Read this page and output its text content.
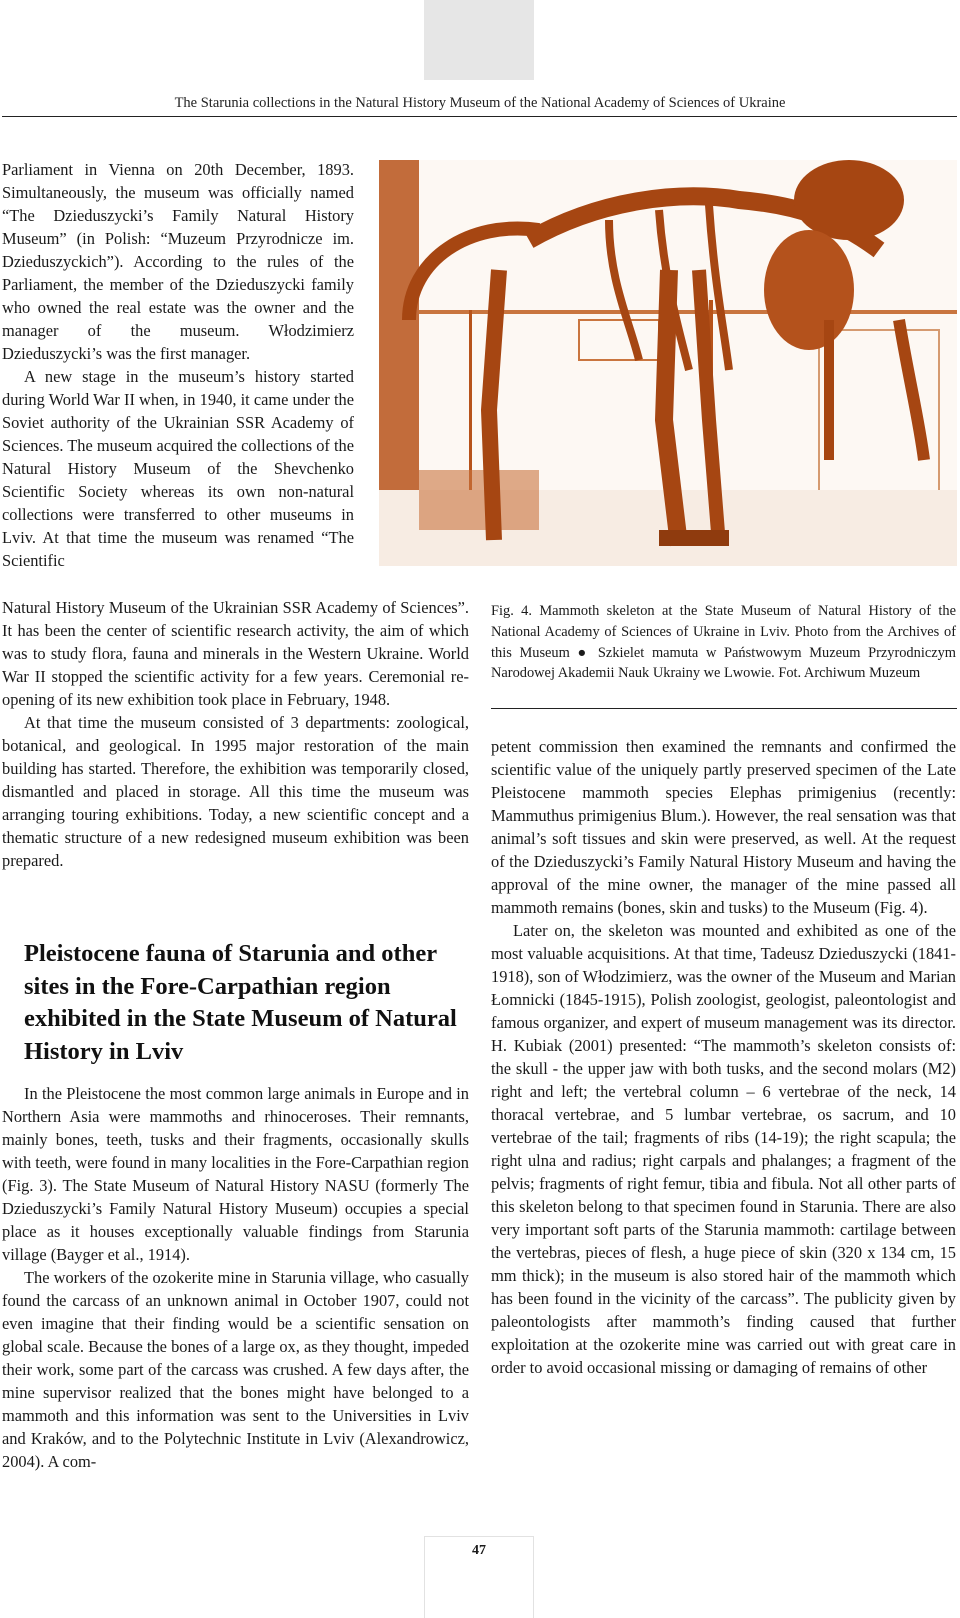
The Starunia collections in the Natural History Museum of the National Academy of Sciences of Ukraine

Parliament in Vienna on 20th December, 1893. Simultaneously, the museum was officially named “The Dzieduszycki’s Family Natural History Museum” (in Polish: “Muzeum Przyrodnicze im. Dzieduszyckich”). According to the rules of the Parliament, the member of the Dzieduszycki family who owned the real estate was the owner and the manager of the museum. Włodzimierz Dzieduszycki’s was the first manager.

A new stage in the museum’s history started during World War II when, in 1940, it came under the Soviet authority of the Ukrainian SSR Academy of Sciences. The museum acquired the collections of the Natural History Museum of the Shevchenko Scientific Society whereas its own non-natural collections were transferred to other museums in Lviv. At that time the museum was renamed “The Scientific

Fig. 4. Mammoth skeleton at the State Museum of Natural History of the National Academy of Sciences of Ukraine in Lviv. Photo from the Archives of this Museum ● Szkielet mamuta w Państwowym Muzeum Przyrodniczym Narodowej Akademii Nauk Ukrainy we Lwowie. Fot. Archiwum Muzeum

Natural History Museum of the Ukrainian SSR Academy of Sciences”. It has been the center of scientific research activity, the aim of which was to study flora, fauna and minerals in the Western Ukraine. World War II stopped the scientific activity for a few years. Ceremonial re-opening of its new exhibition took place in February, 1948.

At that time the museum consisted of 3 departments: zoological, botanical, and geological. In 1995 major restoration of the main building has started. Therefore, the exhibition was temporarily closed, dismantled and placed in storage. All this time the museum was arranging touring exhibitions. Today, a new scientific concept and a thematic structure of a new redesigned museum exhibition was been prepared.

Pleistocene fauna of Starunia and other sites in the Fore-Carpathian region exhibited in the State Museum of Natural History in Lviv

In the Pleistocene the most common large animals in Europe and in Northern Asia were mammoths and rhinoceroses. Their remnants, mainly bones, teeth, tusks and their fragments, occasionally skulls with teeth, were found in many localities in the Fore-Carpathian region (Fig. 3). The State Museum of Natural History NASU (formerly The Dzieduszycki’s Family Natural History Museum) occupies a special place as it houses exceptionally valuable findings from Starunia village (Bayger et al., 1914).

The workers of the ozokerite mine in Starunia village, who casually found the carcass of an unknown animal in October 1907, could not even imagine that their finding would be a scientific sensation on global scale. Because the bones of a large ox, as they thought, impeded their work, some part of the carcass was crushed. A few days after, the mine supervisor realized that the bones might have belonged to a mammoth and this information was sent to the Universities in Lviv and Kraków, and to the Polytechnic Institute in Lviv (Alexandrowicz, 2004). A com-

petent commission then examined the remnants and confirmed the scientific value of the uniquely partly preserved specimen of the Late Pleistocene mammoth species Elephas primigenius (recently: Mammuthus primigenius Blum.). However, the real sensation was that animal’s soft tissues and skin were preserved, as well. At the request of the Dzieduszycki’s Family Natural History Museum and having the approval of the mine owner, the manager of the mine passed all mammoth remains (bones, skin and tusks) to the Museum (Fig. 4).

Later on, the skeleton was mounted and exhibited as one of the most valuable acquisitions. At that time, Tadeusz Dzieduszycki (1841-1918), son of Włodzimierz, was the owner of the Museum and Marian Łomnicki (1845-1915), Polish zoologist, geologist, paleontologist and famous organizer, and expert of museum management was its director. H. Kubiak (2001) presented: “The mammoth’s skeleton consists of: the skull - the upper jaw with both tusks, and the second molars (M2) right and left; the vertebral column – 6 vertebrae of the neck, 14 thoracal vertebrae, and 5 lumbar vertebrae, os sacrum, and 10 vertebrae of the tail; fragments of ribs (14-19); the right scapula; the right ulna and radius; right carpals and phalanges; a fragment of the pelvis; fragments of right femur, tibia and fibula. Not all other parts of this skeleton belong to that specimen found in Starunia. There are also very important soft parts of the Starunia mammoth: cartilage between the vertebras, pieces of flesh, a huge piece of skin (320 x 134 cm, 15 mm thick); in the museum is also stored hair of the mammoth which has been found in the vicinity of the carcass”. The publicity given by paleontologists after mammoth’s finding caused that further exploitation at the ozokerite mine was carried out with great care in order to avoid occasional missing or damaging of remains of other

47
